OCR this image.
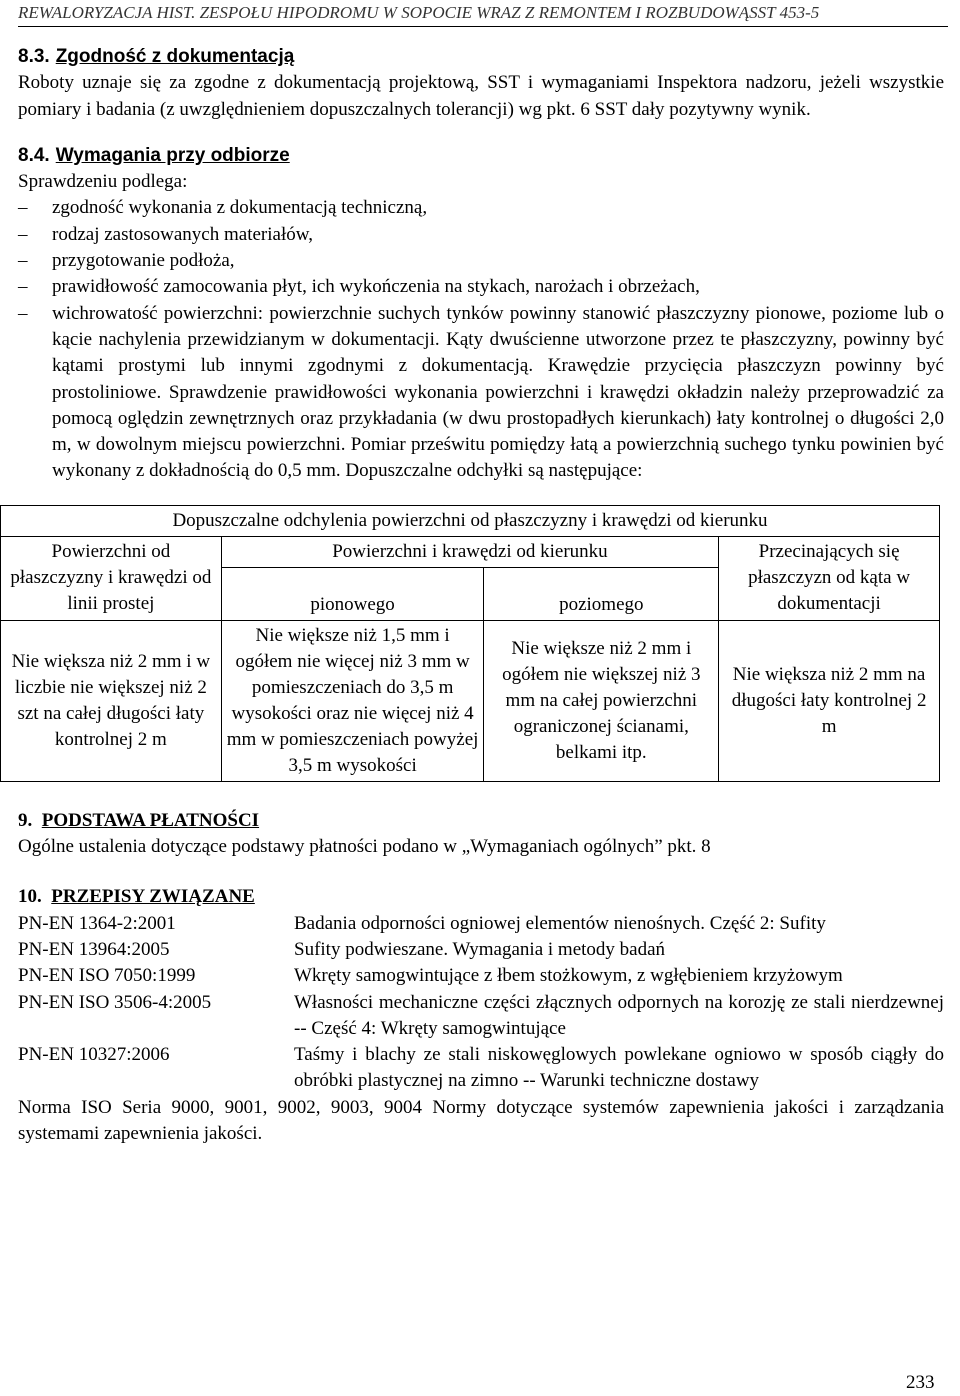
REWALORYZACJA HIST. ZESPOŁU HIPODROMU W SOPOCIE WRAZ Z REMONTEM I ROZBUDOWĄSST 453-5

8.3. Zgodność z dokumentacją

Roboty uznaje się za zgodne z dokumentacją projektową, SST i wymaganiami Inspektora nadzoru, jeżeli wszystkie pomiary i badania (z uwzględnieniem dopuszczalnych tolerancji) wg pkt. 6 SST dały pozytywny wynik.

8.4. Wymagania przy odbiorze

Sprawdzeniu podlega:

– zgodność wykonania z dokumentacją techniczną,
– rodzaj zastosowanych materiałów,
– przygotowanie podłoża,
– prawidłowość zamocowania płyt, ich wykończenia na stykach, narożach i obrzeżach,
– wichrowatość powierzchni: powierzchnie suchych tynków powinny stanowić płaszczyzny pionowe, poziome lub o kącie nachylenia przewidzianym w dokumentacji. Kąty dwuścienne utworzone przez te płaszczyzny, powinny być kątami prostymi lub innymi zgodnymi z dokumentacją. Krawędzie przycięcia płaszczyzn powinny być prostoliniowe. Sprawdzenie prawidłowości wykonania powierzchni i krawędzi okładzin należy przeprowadzić za pomocą oględzin zewnętrznych oraz przykładania (w dwu prostopadłych kierunkach) łaty kontrolnej o długości 2,0 m, w dowolnym miejscu powierzchni. Pomiar prześwitu pomiędzy łatą a powierzchnią suchego tynku powinien być wykonany z dokładnością do 0,5 mm. Dopuszczalne odchyłki są następujące:
Dopuszczalne odchylenia powierzchni od płaszczyzny i krawędzi od kierunku			
Powierzchni od płaszczyzny i krawędzi od linii prostej	Powierzchni i krawędzi od kierunku		Przecinających się płaszczyzn od kąta w dokumentacji
	pionowego	poziomego	
Nie większa niż 2 mm i w liczbie nie większej niż 2 szt na całej długości łaty kontrolnej 2 m	Nie większe niż 1,5 mm i ogółem nie więcej niż 3 mm w pomieszczeniach do 3,5 m wysokości oraz nie więcej niż 4 mm w pomieszczeniach powyżej 3,5 m wysokości	Nie większe niż 2 mm i ogółem nie większej niż 3 mm na całej powierzchni ograniczonej ścianami, belkami itp.	Nie większa niż 2 mm na długości łaty kontrolnej 2 m

9. PODSTAWA PŁATNOŚCI

Ogólne ustalenia dotyczące podstawy płatności podano w „Wymaganiach ogólnych” pkt. 8

10. PRZEPISY ZWIĄZANE

PN-EN 1364-2:2001	Badania odporności ogniowej elementów nienośnych. Część 2: Sufity
PN-EN 13964:2005	Sufity podwieszane. Wymagania i metody badań
PN-EN ISO 7050:1999	Wkręty samogwintujące z łbem stożkowym, z wgłębieniem krzyżowym
PN-EN ISO 3506-4:2005	Własności mechaniczne części złącznych odpornych na korozję ze stali nierdzewnej -- Część 4: Wkręty samogwintujące
PN-EN 10327:2006	Taśmy i blachy ze stali niskowęglowych powlekane ogniowo w sposób ciągły do obróbki plastycznej na zimno -- Warunki techniczne dostawy
Norma ISO Seria 9000, 9001, 9002, 9003, 9004 Normy dotyczące systemów zapewnienia jakości i zarządzania systemami zapewnienia jakości.
233
